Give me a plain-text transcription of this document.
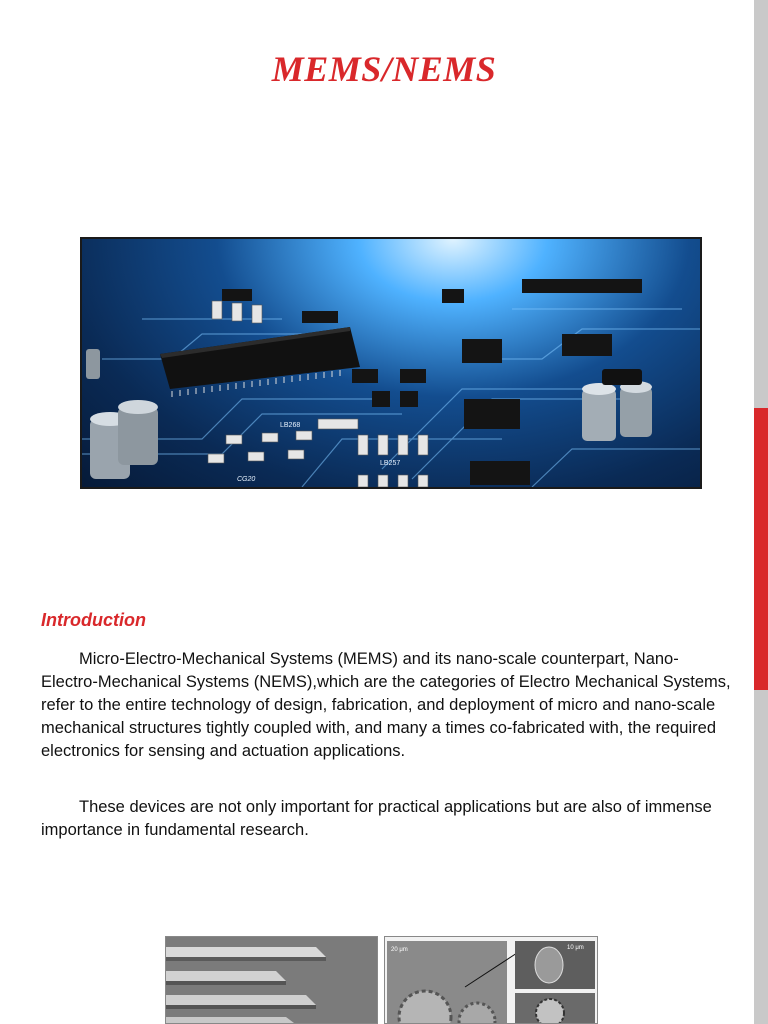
MEMS/NEMS
LB268
LB257
CG20
Introduction

Micro-Electro-Mechanical Systems (MEMS) and its nano-scale counterpart, Nano-Electro-Mechanical Systems (NEMS),which are the categories of Electro Mechanical Systems, refer to the entire technology of design, fabrication, and deployment of micro and nano-scale mechanical structures tightly coupled with, and many a times co-fabricated with, the required electronics for sensing and actuation applications.

These devices are not only important for practical applications but are also of immense importance in fundamental research.

20 μm	10 μm
